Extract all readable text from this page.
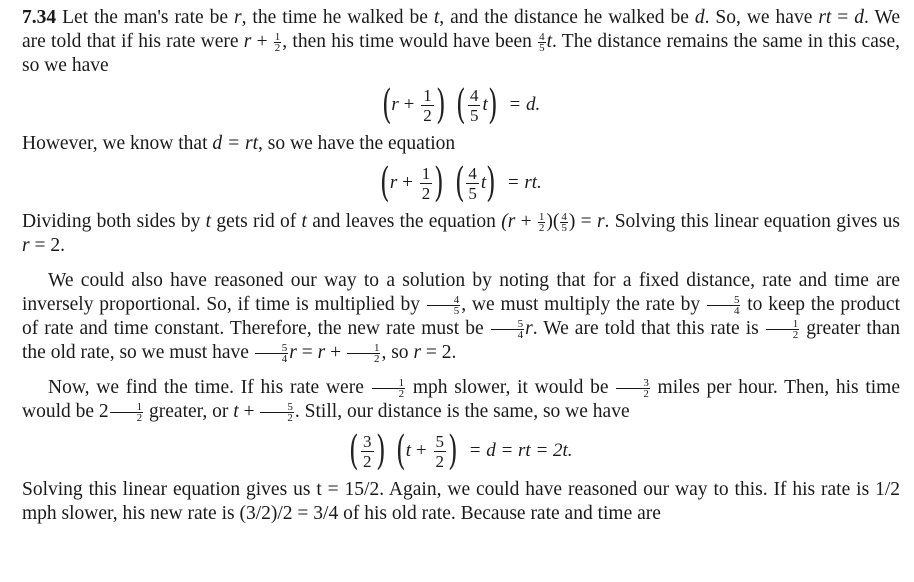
7.34 Let the man's rate be r, the time he walked be t, and the distance he walked be d. So, we have rt = d. We are told that if his rate were $r + \frac{1}{2}$ , then his time would have been $\frac{4}{5} t$. The distance remains the same in this case, so we have

( r
+
$\frac{1}{2}$ ) ( 4
5 t ) = d.

However, we know that d = rt, so we have the equation

( r
+
$\frac{1}{2}$ ) ( 4
5 t ) = rt.

Dividing both sides by t gets rid of t and leaves the equation ($r + \frac{1}{2}$ )( $\frac{4}{5}$ ) = r. Solving this linear equation gives us r = 2.

We could also have reasoned our way to a solution by noting that for a fixed distance, rate and time are inversely proportional. So, if time is multiplied by $\frac{4}{5}$ , we must multiply the rate by $\frac{5}{4}$ to keep the product of rate and time constant. Therefore, the new rate must be $\frac{5}{4} r$. We are told that this rate is $\frac{1}{2}$ greater than the old rate, so we must have $\frac{5}{4}$ $r = r + \frac{1}{2}$ , so r = 2.

Now, we find the time. If his rate were $\frac{1}{2}$ mph slower, it would be $\frac{3}{2}$ miles per hour. Then, his time would be $2 \frac{1}{2}$ greater, or $t + \frac{5}{2}$ . Still, our distance is the same, so we have

( 3
2 ) ( t
+
$\frac{5}{2}$ ) = d = rt = 2t.

Solving this linear equation gives us t = 15/2. Again, we could have reasoned our way to this. If his rate is 1/2 mph slower, his new rate is (3/2)/2 = 3/4 of his old rate. Because rate and time are
